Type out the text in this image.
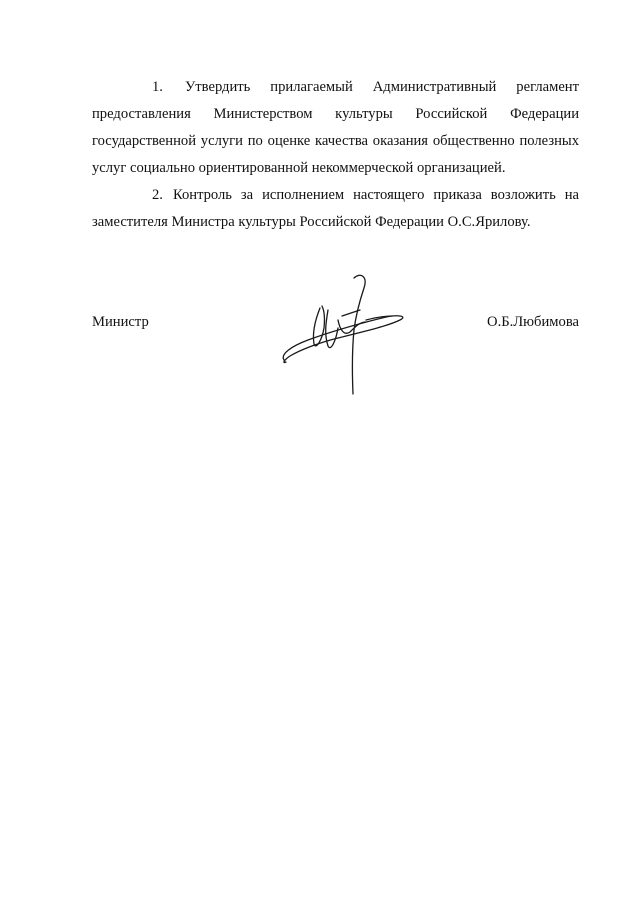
1. Утвердить прилагаемый Административный регламент предоставления Министерством культуры Российской Федерации государственной услуги по оценке качества оказания общественно полезных услуг социально ориентированной некоммерческой организацией.

2. Контроль за исполнением настоящего приказа возложить на заместителя Министра культуры Российской Федерации О.С.Ярилову.

Министр	О.Б.Любимова
